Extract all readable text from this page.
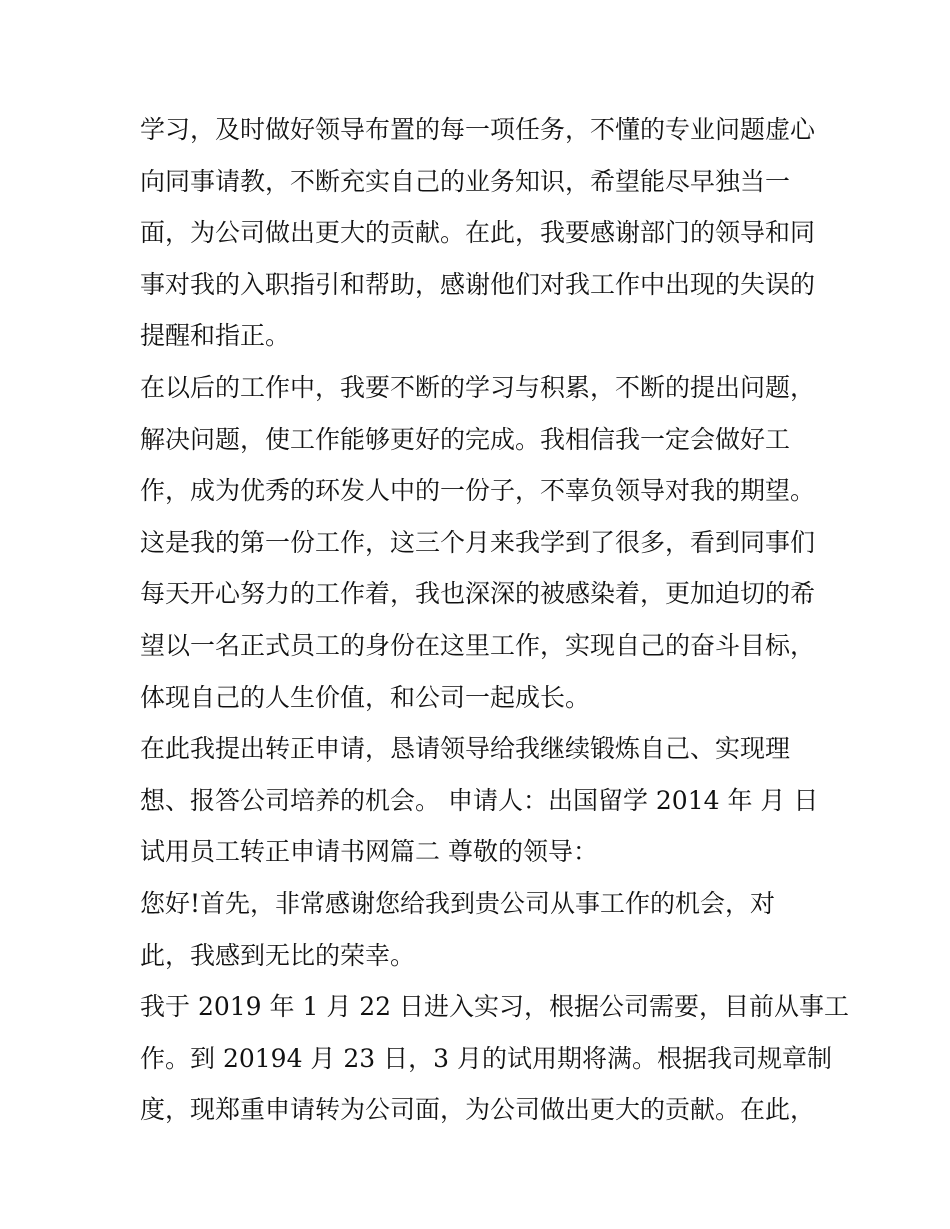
学习，及时做好领导布置的每一项任务，不懂的专业问题虚心
向同事请教，不断充实自己的业务知识，希望能尽早独当一
面，为公司做出更大的贡献。在此，我要感谢部门的领导和同
事对我的入职指引和帮助，感谢他们对我工作中出现的失误的
提醒和指正。
在以后的工作中，我要不断的学习与积累，不断的提出问题，
解决问题，使工作能够更好的完成。我相信我一定会做好工
作，成为优秀的环发人中的一份子，不辜负领导对我的期望。
这是我的第一份工作，这三个月来我学到了很多，看到同事们
每天开心努力的工作着，我也深深的被感染着，更加迫切的希
望以一名正式员工的身份在这里工作，实现自己的奋斗目标，
体现自己的人生价值，和公司一起成长。
在此我提出转正申请，恳请领导给我继续锻炼自己、实现理
想、报答公司培养的机会。 申请人：出国留学 2014 年 月 日
试用员工转正申请书网篇二 尊敬的领导：
您好!首先，非常感谢您给我到贵公司从事工作的机会，对
此，我感到无比的荣幸。
我于 2019 年 1 月 22 日进入实习，根据公司需要，目前从事工
作。到 20194 月 23 日，3 月的试用期将满。根据我司规章制
度，现郑重申请转为公司面，为公司做出更大的贡献。在此，
